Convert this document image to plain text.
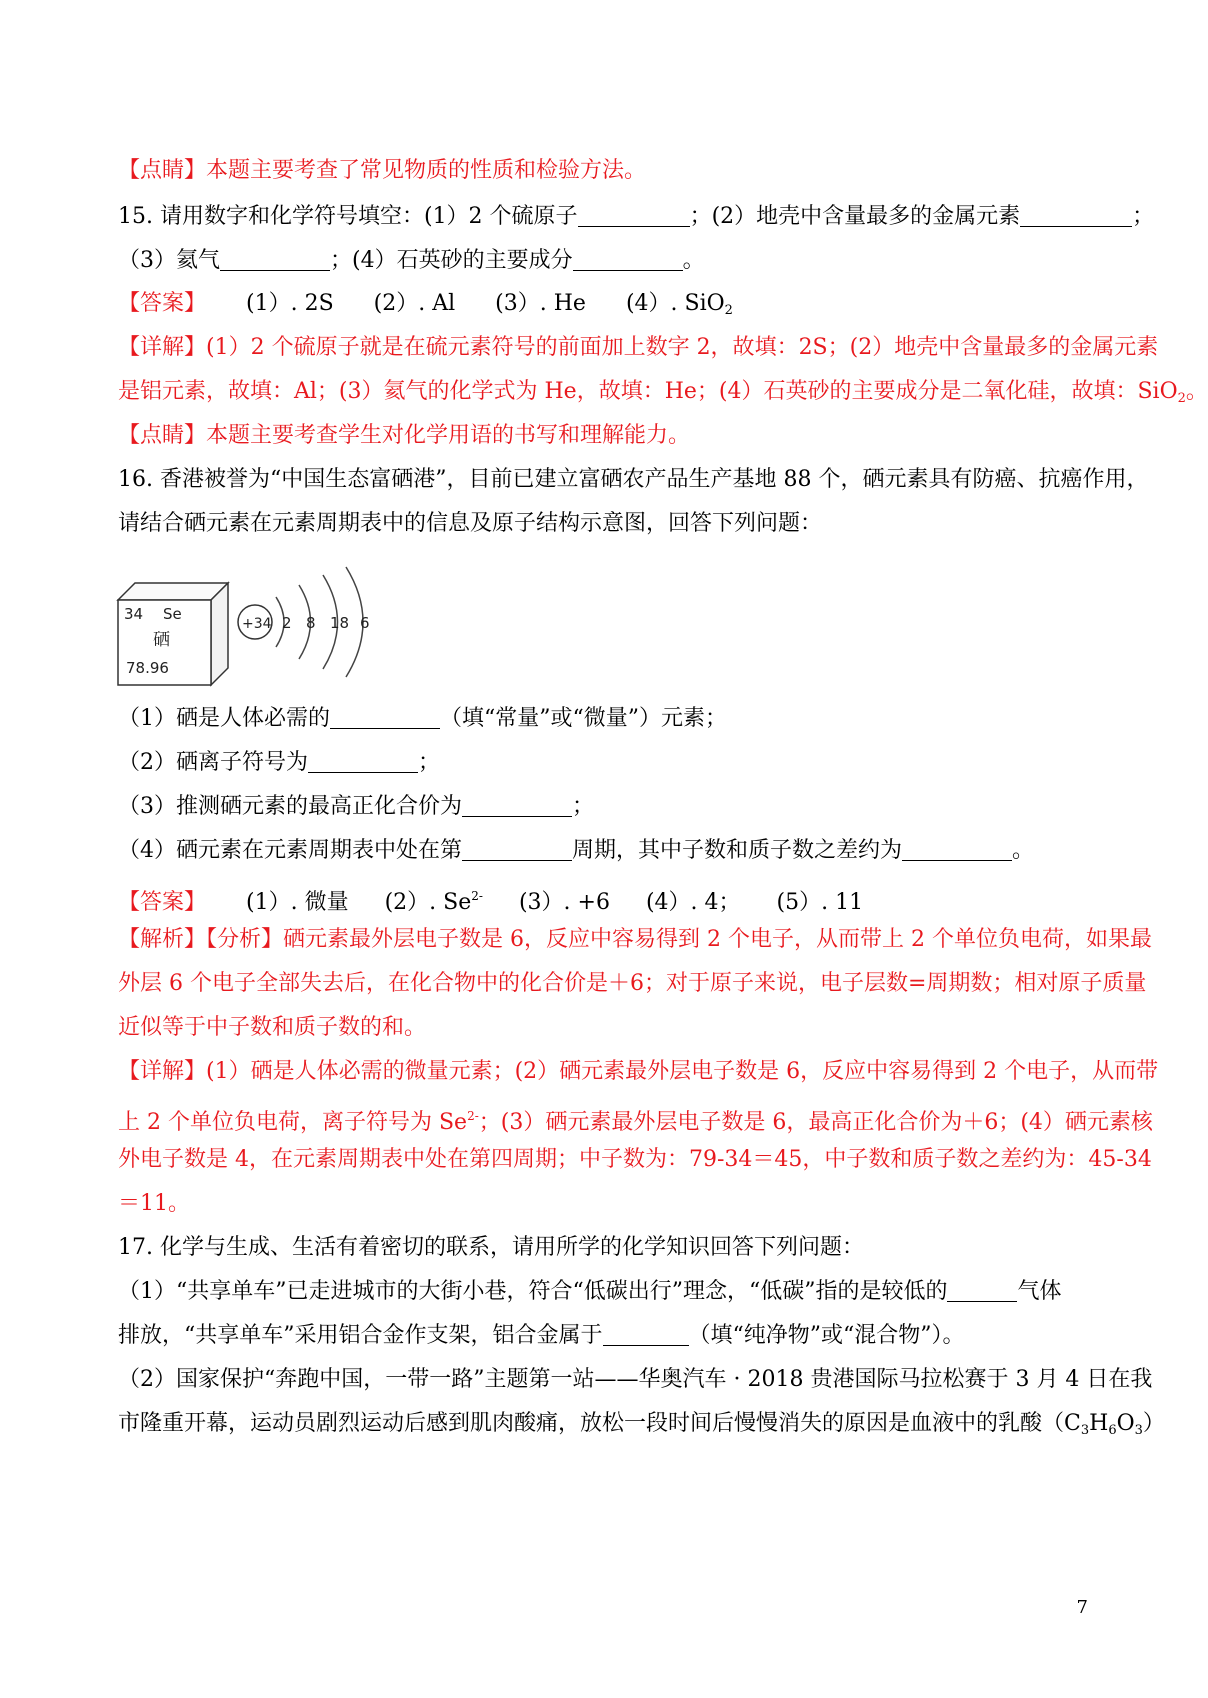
【点睛】本题主要考查了常见物质的性质和检验方法。
15. 请用数字和化学符号填空：(1）2 个硫原子	；(2）地壳中含量最多的金属元素	；
（3）氦气	；(4）石英砂的主要成分	。
【答案】 (1）. 2S (2）. Al (3）. He (4）. SiO$_2$
【详解】(1）2 个硫原子就是在硫元素符号的前面加上数字 2，故填：2S；(2）地壳中含量最多的金属元素
是铝元素，故填：Al；(3）氦气的化学式为 He，故填：He；(4）石英砂的主要成分是二氧化硅，故填：SiO$_2$。
【点睛】本题主要考查学生对化学用语的书写和理解能力。
16. 香港被誉为“中国生态富硒港”，目前已建立富硒农产品生产基地 88 个，硒元素具有防癌、抗癌作用，
请结合硒元素在元素周期表中的信息及原子结构示意图，回答下列问题：
34 Se
硒
78.96
+34 2 8 18 6
（1）硒是人体必需的	（填“常量”或“微量”）元素；
（2）硒离子符号为	；
（3）推测硒元素的最高正化合价为	；
（4）硒元素在元素周期表中处在第	周期，其中子数和质子数之差约为	。
【答案】 (1）. 微量 (2）. $Se^{2-}$ (3）. +6 (4）. 4； (5）. 11
【解析】【分析】硒元素最外层电子数是 6，反应中容易得到 2 个电子，从而带上 2 个单位负电荷，如果最
外层 6 个电子全部失去后，在化合物中的化合价是＋6；对于原子来说，电子层数=周期数；相对原子质量
近似等于中子数和质子数的和。
【详解】(1）硒是人体必需的微量元素；(2）硒元素最外层电子数是 6，反应中容易得到 2 个电子，从而带
上 2 个单位负电荷，离子符号为 $Se^{2-}$；(3）硒元素最外层电子数是 6，最高正化合价为＋6；(4）硒元素核
外电子数是 4，在元素周期表中处在第四周期；中子数为：79-34＝45，中子数和质子数之差约为：45-34
＝11。
17. 化学与生成、生活有着密切的联系，请用所学的化学知识回答下列问题：
（1）“共享单车”已走进城市的大街小巷，符合“低碳出行”理念，“低碳”指的是较低的	气体
排放，“共享单车”采用铝合金作支架，铝合金属于	（填“纯净物”或“混合物”）。
（2）国家保护“奔跑中国，一带一路”主题第一站——华奥汽车 · 2018 贵港国际马拉松赛于 3 月 4 日在我
市隆重开幕，运动员剧烈运动后感到肌肉酸痛，放松一段时间后慢慢消失的原因是血液中的乳酸$(C_3H_6O_3)$
7
